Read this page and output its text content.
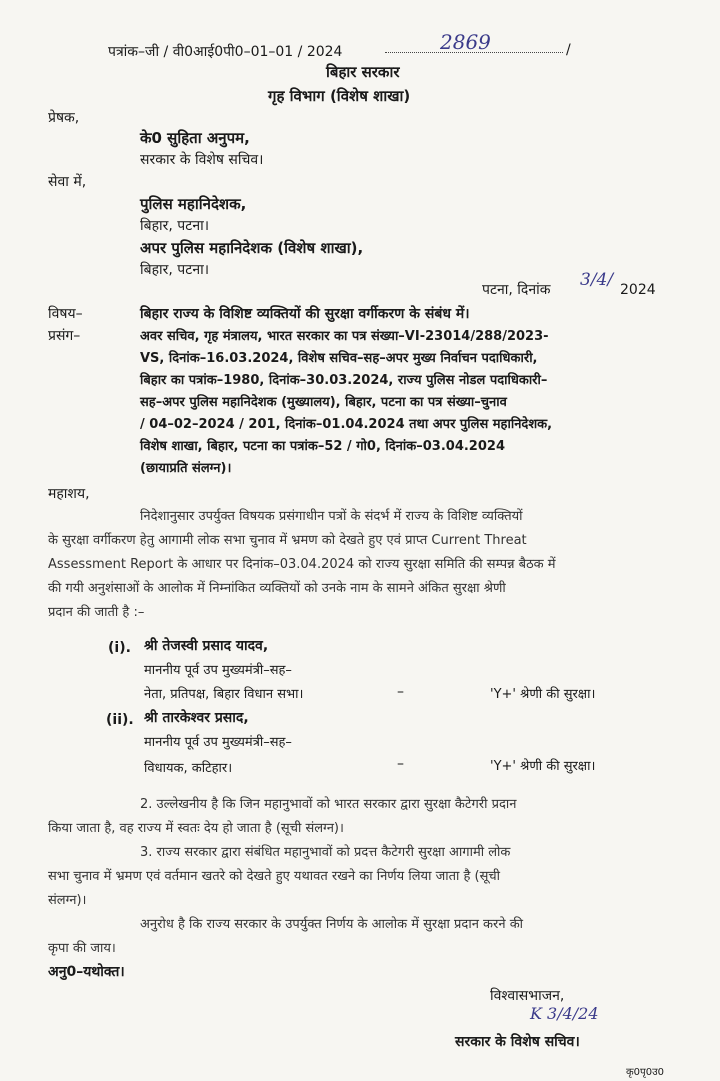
पत्रांक–जी / वी0आई0पी0–01–01 / 2024	2869	/
बिहार सरकार
गृह विभाग (विशेष शाखा)
प्रेषक,
के0 सुहिता अनुपम,
सरकार के विशेष सचिव।
सेवा में,
पुलिस महानिदेशक,
बिहार, पटना।
अपर पुलिस महानिदेशक (विशेष शाखा),
बिहार, पटना।
पटना, दिनांक 3/4/ 2024
विषय–	बिहार राज्य के विशिष्ट व्यक्तियों की सुरक्षा वर्गीकरण के संबंध में।
प्रसंग–	अवर सचिव, गृह मंत्रालय, भारत सरकार का पत्र संख्या–VI-23014/288/2023-
VS, दिनांक–16.03.2024, विशेष सचिव–सह–अपर मुख्य निर्वाचन पदाधिकारी,
बिहार का पत्रांक–1980, दिनांक–30.03.2024, राज्य पुलिस नोडल पदाधिकारी–
सह–अपर पुलिस महानिदेशक (मुख्यालय), बिहार, पटना का पत्र संख्या–चुनाव
/ 04–02–2024 / 201, दिनांक–01.04.2024 तथा अपर पुलिस महानिदेशक,
विशेष शाखा, बिहार, पटना का पत्रांक–52 / गो0, दिनांक–03.04.2024
(छायाप्रति संलग्न)।
महाशय,
निदेशानुसार उपर्युक्त विषयक प्रसंगाधीन पत्रों के संदर्भ में राज्य के विशिष्ट व्यक्तियों
के सुरक्षा वर्गीकरण हेतु आगामी लोक सभा चुनाव में भ्रमण को देखते हुए एवं प्राप्त Current Threat
Assessment Report के आधार पर दिनांक–03.04.2024 को राज्य सुरक्षा समिति की सम्पन्न बैठक में
की गयी अनुशंसाओं के आलोक में निम्नांकित व्यक्तियों को उनके नाम के सामने अंकित सुरक्षा श्रेणी
प्रदान की जाती है :–
(i). श्री तेजस्वी प्रसाद यादव,
माननीय पूर्व उप मुख्यमंत्री–सह–
नेता, प्रतिपक्ष, बिहार विधान सभा।	–	'Y+' श्रेणी की सुरक्षा।
(ii). श्री तारकेश्वर प्रसाद,
माननीय पूर्व उप मुख्यमंत्री–सह–
विधायक, कटिहार।	–	'Y+' श्रेणी की सुरक्षा।
2. उल्लेखनीय है कि जिन महानुभावों को भारत सरकार द्वारा सुरक्षा कैटेगरी प्रदान
किया जाता है, वह राज्य में स्वतः देय हो जाता है (सूची संलग्न)।
3. राज्य सरकार द्वारा संबंधित महानुभावों को प्रदत्त कैटेगरी सुरक्षा आगामी लोक
सभा चुनाव में भ्रमण एवं वर्तमान खतरे को देखते हुए यथावत रखने का निर्णय लिया जाता है (सूची
संलग्न)।
अनुरोध है कि राज्य सरकार के उपर्युक्त निर्णय के आलोक में सुरक्षा प्रदान करने की
कृपा की जाय।
अनु0–यथोक्त।
विश्वासभाजन,
K 3/4/24
सरकार के विशेष सचिव।
कृ0पृ0उ0
